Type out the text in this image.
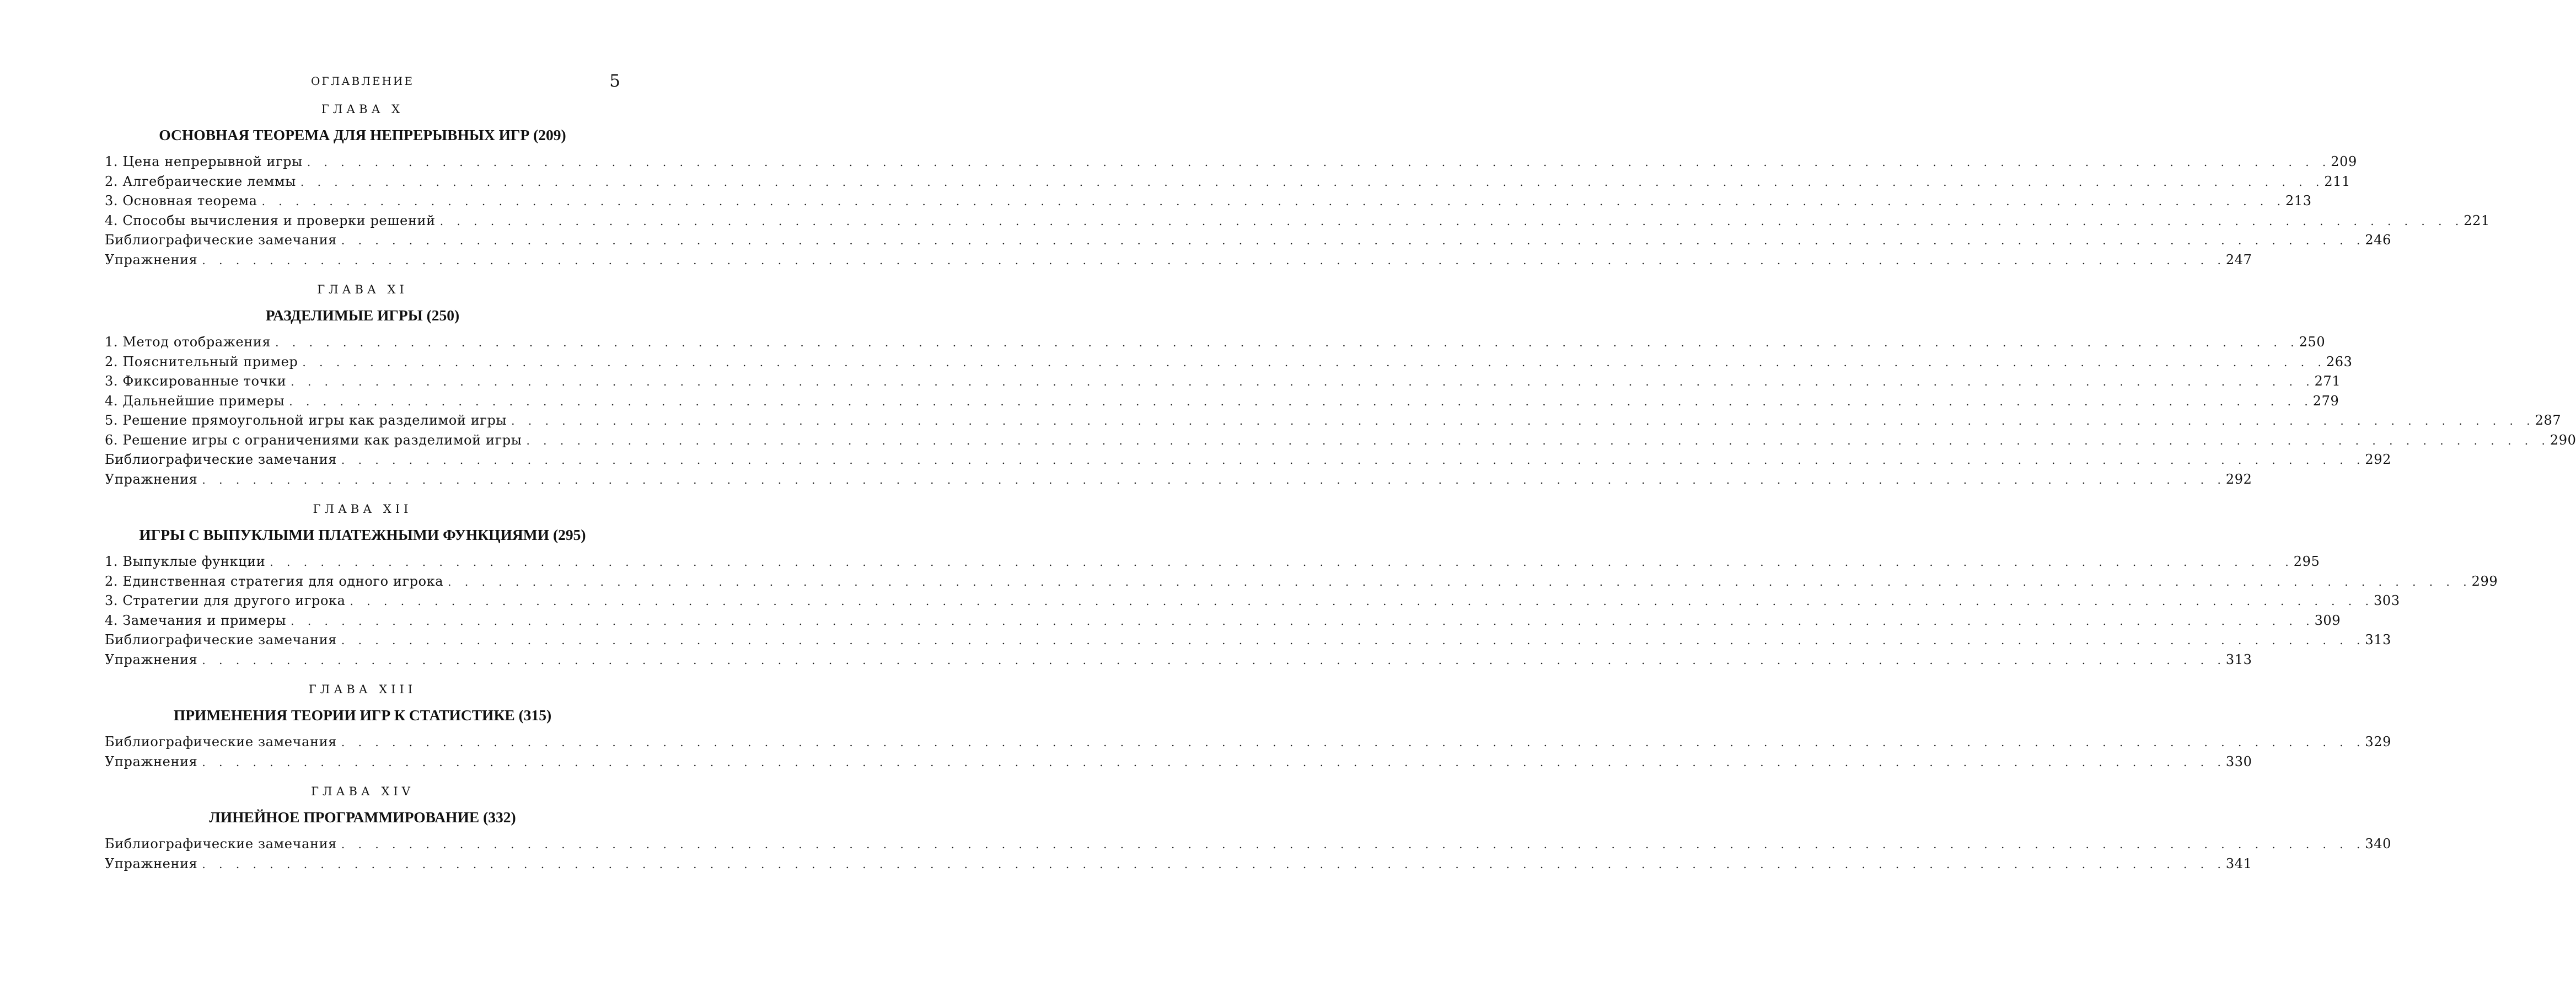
ОГЛАВЛЕНИЕ	5
ГЛАВА X
ОСНОВНАЯ ТЕОРЕМА ДЛЯ НЕПРЕРЫВНЫХ ИГР (209)
1. Цена непрерывной игры . . . . . . . . . . . . . . . . . . . . . . . . . . . . . . . . . . . . . . . . . . . . . . . . . . . . . . . . . . . . . . . . . . . . . . . . . . . . . . . . . . . . . . . . . . . . . . . . . . . . . . . . . . . . . . . . . . . . . . . . 209
2. Алгебраические леммы . . . . . . . . . . . . . . . . . . . . . . . . . . . . . . . . . . . . . . . . . . . . . . . . . . . . . . . . . . . . . . . . . . . . . . . . . . . . . . . . . . . . . . . . . . . . . . . . . . . . . . . . . . . . . . . . . . . . . . . . 211
3. Основная теорема . . . . . . . . . . . . . . . . . . . . . . . . . . . . . . . . . . . . . . . . . . . . . . . . . . . . . . . . . . . . . . . . . . . . . . . . . . . . . . . . . . . . . . . . . . . . . . . . . . . . . . . . . . . . . . . . . . . . . . . . 213
4. Способы вычисления и проверки решений . . . . . . . . . . . . . . . . . . . . . . . . . . . . . . . . . . . . . . . . . . . . . . . . . . . . . . . . . . . . . . . . . . . . . . . . . . . . . . . . . . . . . . . . . . . . . . . . . . . . . . . . . . . . . . . . . . . . . . . . 221
Библиографические замечания . . . . . . . . . . . . . . . . . . . . . . . . . . . . . . . . . . . . . . . . . . . . . . . . . . . . . . . . . . . . . . . . . . . . . . . . . . . . . . . . . . . . . . . . . . . . . . . . . . . . . . . . . . . . . . . . . . . . . . . . 246
Упражнения . . . . . . . . . . . . . . . . . . . . . . . . . . . . . . . . . . . . . . . . . . . . . . . . . . . . . . . . . . . . . . . . . . . . . . . . . . . . . . . . . . . . . . . . . . . . . . . . . . . . . . . . . . . . . . . . . . . . . . . . 247
ГЛАВА XI
РАЗДЕЛИМЫЕ ИГРЫ (250)
1. Метод отображения . . . . . . . . . . . . . . . . . . . . . . . . . . . . . . . . . . . . . . . . . . . . . . . . . . . . . . . . . . . . . . . . . . . . . . . . . . . . . . . . . . . . . . . . . . . . . . . . . . . . . . . . . . . . . . . . . . . . . . . . 250
2. Пояснительный пример . . . . . . . . . . . . . . . . . . . . . . . . . . . . . . . . . . . . . . . . . . . . . . . . . . . . . . . . . . . . . . . . . . . . . . . . . . . . . . . . . . . . . . . . . . . . . . . . . . . . . . . . . . . . . . . . . . . . . . . . 263
3. Фиксированные точки . . . . . . . . . . . . . . . . . . . . . . . . . . . . . . . . . . . . . . . . . . . . . . . . . . . . . . . . . . . . . . . . . . . . . . . . . . . . . . . . . . . . . . . . . . . . . . . . . . . . . . . . . . . . . . . . . . . . . . . . 271
4. Дальнейшие примеры . . . . . . . . . . . . . . . . . . . . . . . . . . . . . . . . . . . . . . . . . . . . . . . . . . . . . . . . . . . . . . . . . . . . . . . . . . . . . . . . . . . . . . . . . . . . . . . . . . . . . . . . . . . . . . . . . . . . . . . . 279
5. Решение прямоугольной игры как разделимой игры . . . . . . . . . . . . . . . . . . . . . . . . . . . . . . . . . . . . . . . . . . . . . . . . . . . . . . . . . . . . . . . . . . . . . . . . . . . . . . . . . . . . . . . . . . . . . . . . . . . . . . . . . . . . . . . . . . . . . . . . 287
6. Решение игры с ограничениями как разделимой игры . . . . . . . . . . . . . . . . . . . . . . . . . . . . . . . . . . . . . . . . . . . . . . . . . . . . . . . . . . . . . . . . . . . . . . . . . . . . . . . . . . . . . . . . . . . . . . . . . . . . . . . . . . . . . . . . . . . . . . . . 290
Библиографические замечания . . . . . . . . . . . . . . . . . . . . . . . . . . . . . . . . . . . . . . . . . . . . . . . . . . . . . . . . . . . . . . . . . . . . . . . . . . . . . . . . . . . . . . . . . . . . . . . . . . . . . . . . . . . . . . . . . . . . . . . . 292
Упражнения . . . . . . . . . . . . . . . . . . . . . . . . . . . . . . . . . . . . . . . . . . . . . . . . . . . . . . . . . . . . . . . . . . . . . . . . . . . . . . . . . . . . . . . . . . . . . . . . . . . . . . . . . . . . . . . . . . . . . . . . 292
ГЛАВА XII
ИГРЫ С ВЫПУКЛЫМИ ПЛАТЕЖНЫМИ ФУНКЦИЯМИ (295)
1. Выпуклые функции . . . . . . . . . . . . . . . . . . . . . . . . . . . . . . . . . . . . . . . . . . . . . . . . . . . . . . . . . . . . . . . . . . . . . . . . . . . . . . . . . . . . . . . . . . . . . . . . . . . . . . . . . . . . . . . . . . . . . . . . 295
2. Единственная стратегия для одного игрока . . . . . . . . . . . . . . . . . . . . . . . . . . . . . . . . . . . . . . . . . . . . . . . . . . . . . . . . . . . . . . . . . . . . . . . . . . . . . . . . . . . . . . . . . . . . . . . . . . . . . . . . . . . . . . . . . . . . . . . . 299
3. Стратегии для другого игрока . . . . . . . . . . . . . . . . . . . . . . . . . . . . . . . . . . . . . . . . . . . . . . . . . . . . . . . . . . . . . . . . . . . . . . . . . . . . . . . . . . . . . . . . . . . . . . . . . . . . . . . . . . . . . . . . . . . . . . . . 303
4. Замечания и примеры . . . . . . . . . . . . . . . . . . . . . . . . . . . . . . . . . . . . . . . . . . . . . . . . . . . . . . . . . . . . . . . . . . . . . . . . . . . . . . . . . . . . . . . . . . . . . . . . . . . . . . . . . . . . . . . . . . . . . . . . 309
Библиографические замечания . . . . . . . . . . . . . . . . . . . . . . . . . . . . . . . . . . . . . . . . . . . . . . . . . . . . . . . . . . . . . . . . . . . . . . . . . . . . . . . . . . . . . . . . . . . . . . . . . . . . . . . . . . . . . . . . . . . . . . . . 313
Упражнения . . . . . . . . . . . . . . . . . . . . . . . . . . . . . . . . . . . . . . . . . . . . . . . . . . . . . . . . . . . . . . . . . . . . . . . . . . . . . . . . . . . . . . . . . . . . . . . . . . . . . . . . . . . . . . . . . . . . . . . . 313
ГЛАВА XIII
ПРИМЕНЕНИЯ ТЕОРИИ ИГР К СТАТИСТИКЕ (315)
Библиографические замечания . . . . . . . . . . . . . . . . . . . . . . . . . . . . . . . . . . . . . . . . . . . . . . . . . . . . . . . . . . . . . . . . . . . . . . . . . . . . . . . . . . . . . . . . . . . . . . . . . . . . . . . . . . . . . . . . . . . . . . . . 329
Упражнения . . . . . . . . . . . . . . . . . . . . . . . . . . . . . . . . . . . . . . . . . . . . . . . . . . . . . . . . . . . . . . . . . . . . . . . . . . . . . . . . . . . . . . . . . . . . . . . . . . . . . . . . . . . . . . . . . . . . . . . . 330
ГЛАВА XIV
ЛИНЕЙНОЕ ПРОГРАММИРОВАНИЕ (332)
Библиографические замечания . . . . . . . . . . . . . . . . . . . . . . . . . . . . . . . . . . . . . . . . . . . . . . . . . . . . . . . . . . . . . . . . . . . . . . . . . . . . . . . . . . . . . . . . . . . . . . . . . . . . . . . . . . . . . . . . . . . . . . . . 340
Упражнения . . . . . . . . . . . . . . . . . . . . . . . . . . . . . . . . . . . . . . . . . . . . . . . . . . . . . . . . . . . . . . . . . . . . . . . . . . . . . . . . . . . . . . . . . . . . . . . . . . . . . . . . . . . . . . . . . . . . . . . . 341
